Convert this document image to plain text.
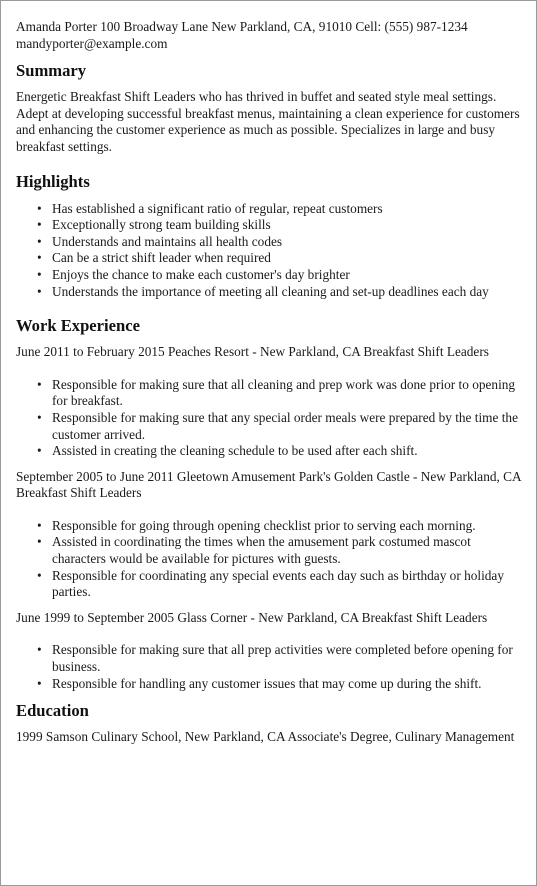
Amanda Porter 100 Broadway Lane New Parkland, CA, 91010 Cell: (555) 987-1234
mandyporter@example.com
Summary

Energetic Breakfast Shift Leaders who has thrived in buffet and seated style meal settings. Adept at developing successful breakfast menus, maintaining a clean experience for customers and enhancing the customer experience as much as possible. Specializes in large and busy breakfast settings.

Highlights
• Has established a significant ratio of regular, repeat customers
• Exceptionally strong team building skills
• Understands and maintains all health codes
• Can be a strict shift leader when required
• Enjoys the chance to make each customer's day brighter
• Understands the importance of meeting all cleaning and set-up deadlines each day
Work Experience

June 2011 to February 2015 Peaches Resort - New Parkland, CA Breakfast Shift Leaders

• Responsible for making sure that all cleaning and prep work was done prior to opening for breakfast.
• Responsible for making sure that any special order meals were prepared by the time the customer arrived.
• Assisted in creating the cleaning schedule to be used after each shift.

September 2005 to June 2011 Gleetown Amusement Park's Golden Castle - New Parkland, CA Breakfast Shift Leaders

• Responsible for going through opening checklist prior to serving each morning.
• Assisted in coordinating the times when the amusement park costumed mascot characters would be available for pictures with guests.
• Responsible for coordinating any special events each day such as birthday or holiday parties.

June 1999 to September 2005 Glass Corner - New Parkland, CA Breakfast Shift Leaders

• Responsible for making sure that all prep activities were completed before opening for business.
• Responsible for handling any customer issues that may come up during the shift.
Education

1999 Samson Culinary School, New Parkland, CA Associate's Degree, Culinary Management
